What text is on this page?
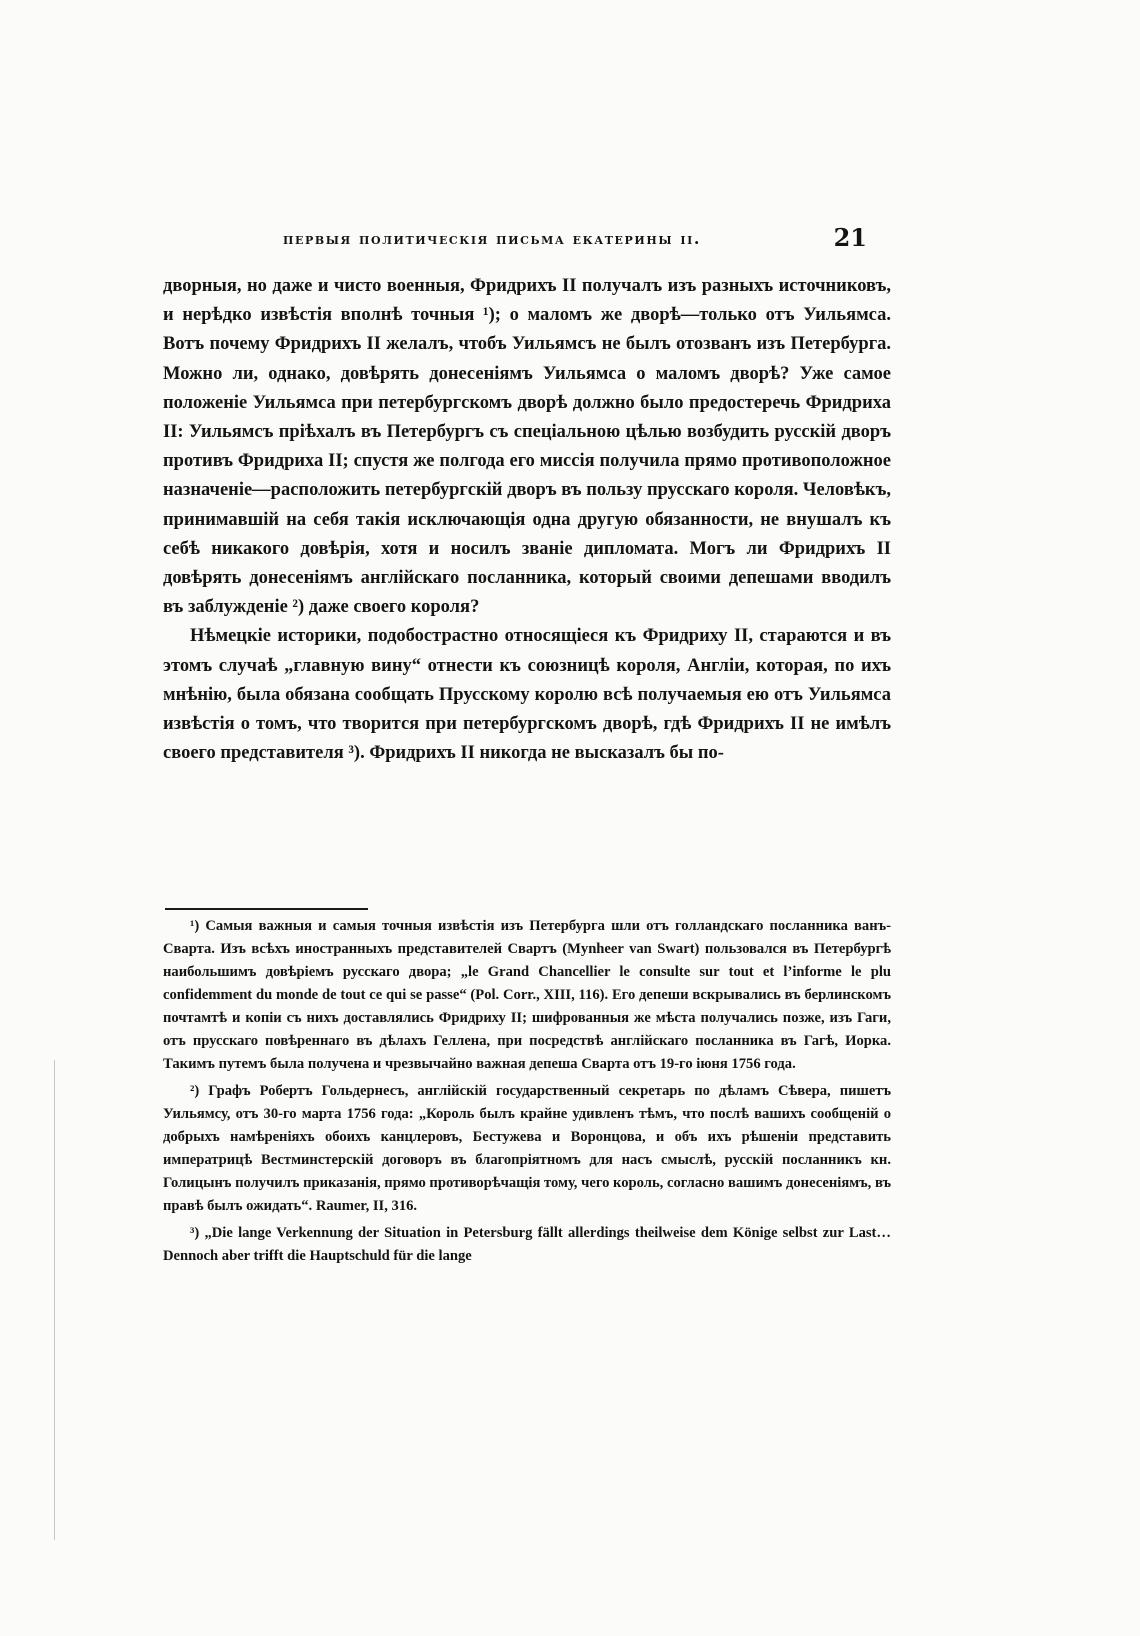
первыя политическія письма екатерины ii.	21

дворныя, но даже и чисто военныя, Фридрихъ II получалъ изъ разныхъ источниковъ, и нерѣдко извѣстія вполнѣ точныя ¹); о маломъ же дворѣ—только отъ Уильямса. Вотъ почему Фридрихъ II желалъ, чтобъ Уильямсъ не былъ отозванъ изъ Петербурга. Можно ли, однако, довѣрять донесеніямъ Уильямса о маломъ дворѣ? Уже самое положеніе Уильямса при петербургскомъ дворѣ должно было предостеречь Фридриха II: Уильямсъ пріѣхалъ въ Петербургъ съ спеціальною цѣлью возбудить русскій дворъ противъ Фридриха II; спустя же полгода его миссія получила прямо противоположное назначеніе—расположить петербургскій дворъ въ пользу прусскаго короля. Человѣкъ, принимавшій на себя такія исключающія одна другую обязанности, не внушалъ къ себѣ никакого довѣрія, хотя и носилъ званіе дипломата. Могъ ли Фридрихъ II довѣрять донесеніямъ англійскаго посланника, который своими депешами вводилъ въ заблужденіе ²) даже своего короля?

Нѣмецкіе историки, подобострастно относящіеся къ Фридриху II, стараются и въ этомъ случаѣ „главную вину“ отнести къ союзницѣ короля, Англіи, которая, по ихъ мнѣнію, была обязана сообщать Прусскому королю всѣ получаемыя ею отъ Уильямса извѣстія о томъ, что творится при петербургскомъ дворѣ, гдѣ Фридрихъ II не имѣлъ своего представителя ³). Фридрихъ II никогда не высказалъ бы по-

¹) Самыя важныя и самыя точныя извѣстія изъ Петербурга шли отъ голландскаго посланника ванъ-Сварта. Изъ всѣхъ иностранныхъ представителей Свартъ (Mynheer van Swart) пользовался въ Петербургѣ наибольшимъ довѣріемъ русскаго двора; „le Grand Chancellier le consulte sur tout et l’informe le plu confidemment du monde de tout ce qui se passe“ (Pol. Corr., XIII, 116). Его депеши вскрывались въ берлинскомъ почтамтѣ и копіи съ нихъ доставлялись Фридриху II; шифрованныя же мѣста получались позже, изъ Гаги, отъ прусскаго повѣреннаго въ дѣлахъ Геллена, при посредствѣ англійскаго посланника въ Гагѣ, Иорка. Такимъ путемъ была получена и чрезвычайно важная депеша Сварта отъ 19-го іюня 1756 года.

²) Графъ Робертъ Гольдернесъ, англійскій государственный секретарь по дѣламъ Сѣвера, пишетъ Уильямсу, отъ 30-го марта 1756 года: „Король былъ крайне удивленъ тѣмъ, что послѣ вашихъ сообщеній о добрыхъ намѣреніяхъ обоихъ канцлеровъ, Бестужева и Воронцова, и объ ихъ рѣшеніи представить императрицѣ Вестминстерскій договоръ въ благопріятномъ для насъ смыслѣ, русскій посланникъ кн. Голицынъ получилъ приказанія, прямо противорѣчащія тому, чего король, согласно вашимъ донесеніямъ, въ правѣ былъ ожидать“. Raumer, II, 316.

³) „Die lange Verkennung der Situation in Petersburg fällt allerdings theilweise dem Könige selbst zur Last… Dennoch aber trifft die Hauptschuld für die lange
